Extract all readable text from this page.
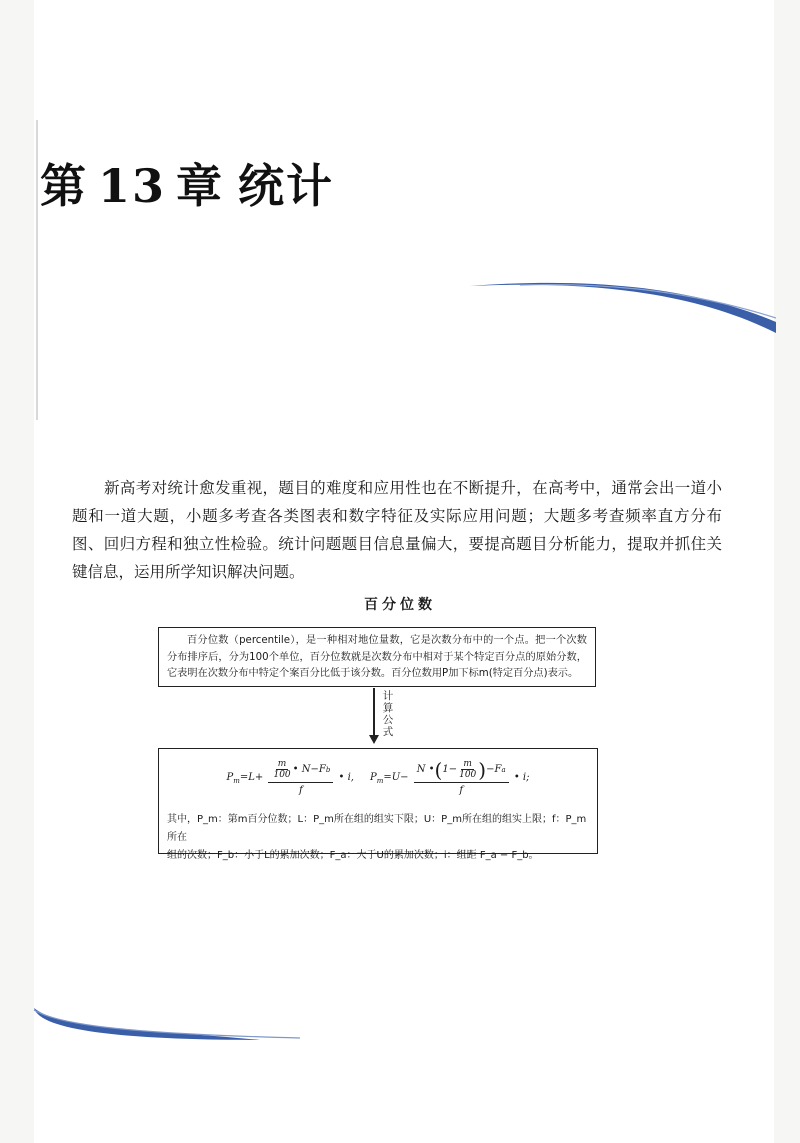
第 13 章 统计

新高考对统计愈发重视，题目的难度和应用性也在不断提升，在高考中，通常会出一道小题和一道大题，小题多考查各类图表和数字特征及实际应用问题；大题多考查频率直方分布图、回归方程和独立性检验。统计问题题目信息量偏大，要提高题目分析能力，提取并抓住关键信息，运用所学知识解决问题。

百分位数
百分位数（percentile），是一种相对地位量数，它是次数分布中的一个点。把一个次数分布排序后，分为100个单位，百分位数就是次数分布中相对于某个特定百分点的原始分数，它表明在次数分布中特定个案百分比低于该分数。百分位数用P加下标m(特定百分点)表示。
计算公式
$P_m=L+ \frac{\frac{m}{100} • N-F b}{f}$ • i, $P_m=U- \frac{N • ( 1- \frac{m}{100} ) -F a}{f}$ • i;
其中，P_m：第m百分位数；L：P_m所在组的组实下限；U：P_m所在组的组实上限；f：P_m所在
组的次数；F_b：小于L的累加次数；F_a：大于U的累加次数；i：组距 F_a − F_b。
